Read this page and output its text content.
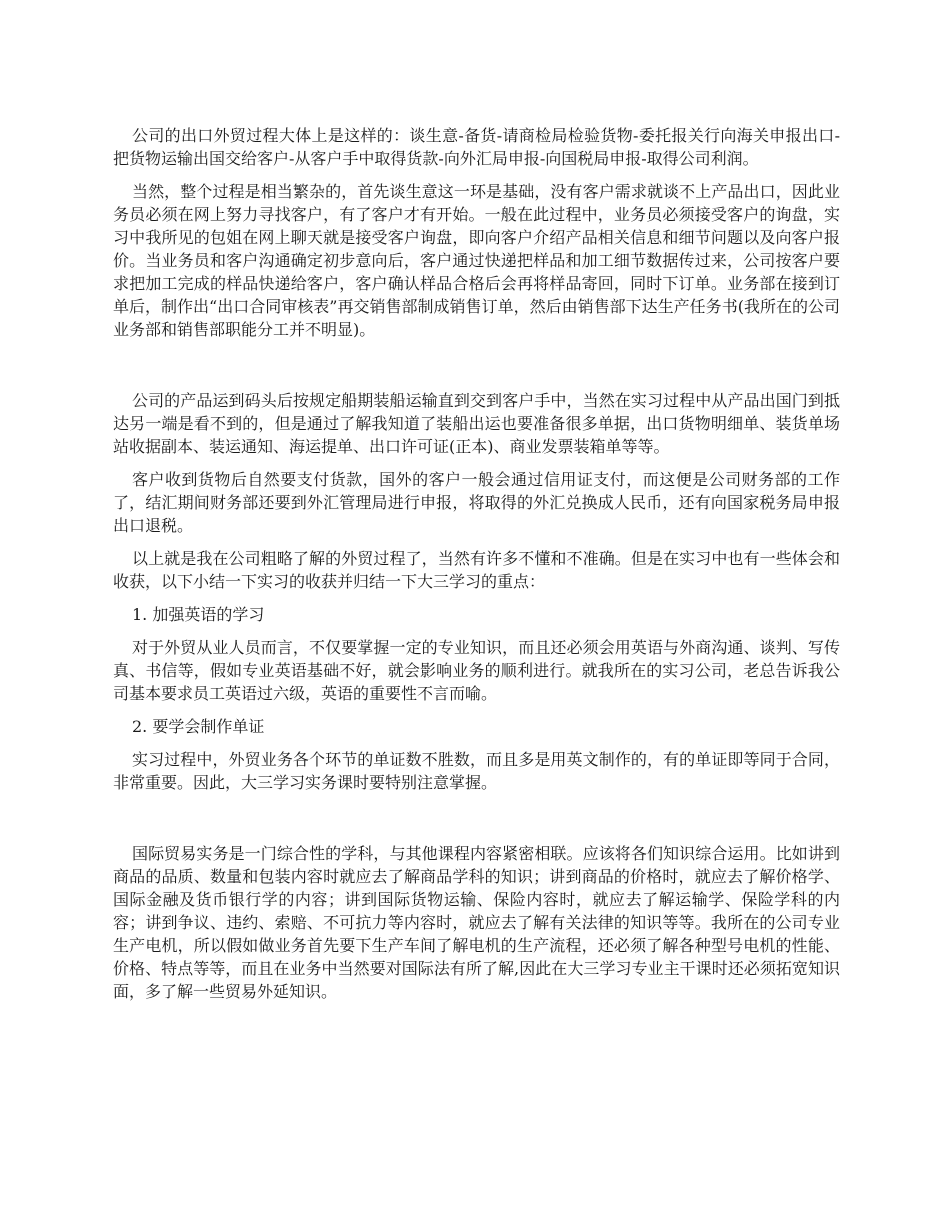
公司的出口外贸过程大体上是这样的：谈生意-备货-请商检局检验货物-委托报关行向海关申报出口-把货物运输出国交给客户-从客户手中取得货款-向外汇局申报-向国税局申报-取得公司利润。

当然，整个过程是相当繁杂的，首先谈生意这一环是基础，没有客户需求就谈不上产品出口，因此业务员必须在网上努力寻找客户，有了客户才有开始。一般在此过程中，业务员必须接受客户的询盘，实习中我所见的包姐在网上聊天就是接受客户询盘，即向客户介绍产品相关信息和细节问题以及向客户报价。当业务员和客户沟通确定初步意向后，客户通过快递把样品和加工细节数据传过来，公司按客户要求把加工完成的样品快递给客户，客户确认样品合格后会再将样品寄回，同时下订单。业务部在接到订单后，制作出“出口合同审核表”再交销售部制成销售订单，然后由销售部下达生产任务书(我所在的公司业务部和销售部职能分工并不明显)。

公司的产品运到码头后按规定船期装船运输直到交到客户手中，当然在实习过程中从产品出国门到抵达另一端是看不到的，但是通过了解我知道了装船出运也要准备很多单据，出口货物明细单、装货单场站收据副本、装运通知、海运提单、出口许可证(正本)、商业发票装箱单等等。

客户收到货物后自然要支付货款，国外的客户一般会通过信用证支付，而这便是公司财务部的工作了，结汇期间财务部还要到外汇管理局进行申报，将取得的外汇兑换成人民币，还有向国家税务局申报出口退税。

以上就是我在公司粗略了解的外贸过程了，当然有许多不懂和不准确。但是在实习中也有一些体会和收获，以下小结一下实习的收获并归结一下大三学习的重点：

1. 加强英语的学习

对于外贸从业人员而言，不仅要掌握一定的专业知识，而且还必须会用英语与外商沟通、谈判、写传真、书信等，假如专业英语基础不好，就会影响业务的顺利进行。就我所在的实习公司，老总告诉我公司基本要求员工英语过六级，英语的重要性不言而喻。

2. 要学会制作单证

实习过程中，外贸业务各个环节的单证数不胜数，而且多是用英文制作的，有的单证即等同于合同，非常重要。因此，大三学习实务课时要特别注意掌握。

国际贸易实务是一门综合性的学科，与其他课程内容紧密相联。应该将各们知识综合运用。比如讲到商品的品质、数量和包装内容时就应去了解商品学科的知识；讲到商品的价格时，就应去了解价格学、国际金融及货币银行学的内容；讲到国际货物运输、保险内容时，就应去了解运输学、保险学科的内容；讲到争议、违约、索赔、不可抗力等内容时，就应去了解有关法律的知识等等。我所在的公司专业生产电机，所以假如做业务首先要下生产车间了解电机的生产流程，还必须了解各种型号电机的性能、价格、特点等等，而且在业务中当然要对国际法有所了解,因此在大三学习专业主干课时还必须拓宽知识面，多了解一些贸易外延知识。
